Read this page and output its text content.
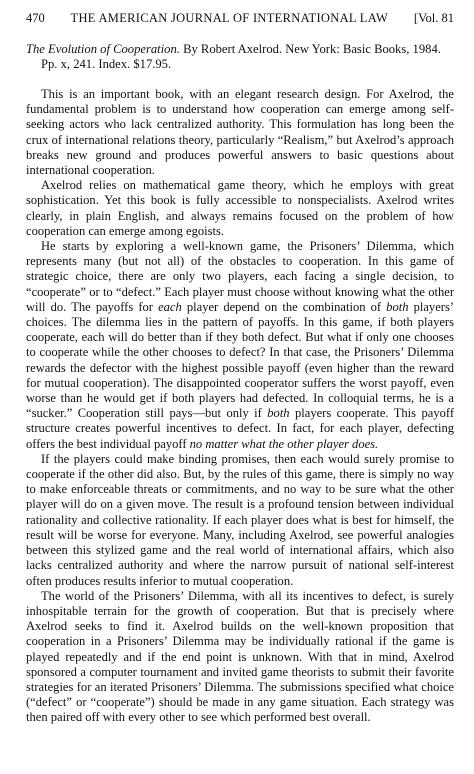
470 THE AMERICAN JOURNAL OF INTERNATIONAL LAW [Vol. 81

The Evolution of Cooperation. By Robert Axelrod. New York: Basic Books, 1984. Pp. x, 241. Index. $17.95.

This is an important book, with an elegant research design. For Axelrod, the fundamental problem is to understand how cooperation can emerge among self-seeking actors who lack centralized authority. This formulation has long been the crux of international relations theory, particularly “Realism,” but Axelrod’s approach breaks new ground and produces powerful answers to basic questions about international cooperation.

Axelrod relies on mathematical game theory, which he employs with great sophistication. Yet this book is fully accessible to nonspecialists. Axelrod writes clearly, in plain English, and always remains focused on the problem of how cooperation can emerge among egoists.

He starts by exploring a well-known game, the Prisoners’ Dilemma, which represents many (but not all) of the obstacles to cooperation. In this game of strategic choice, there are only two players, each facing a single decision, to “cooperate” or to “defect.” Each player must choose without knowing what the other will do. The payoffs for each player depend on the combination of both players’ choices. The dilemma lies in the pattern of payoffs. In this game, if both players cooperate, each will do better than if they both defect. But what if only one chooses to cooperate while the other chooses to defect? In that case, the Prisoners’ Dilemma rewards the defector with the highest possible payoff (even higher than the reward for mutual cooperation). The disappointed cooperator suffers the worst payoff, even worse than he would get if both players had defected. In colloquial terms, he is a “sucker.” Cooperation still pays—but only if both players cooperate. This payoff structure creates powerful incentives to defect. In fact, for each player, defecting offers the best individual payoff no matter what the other player does.

If the players could make binding promises, then each would surely promise to cooperate if the other did also. But, by the rules of this game, there is simply no way to make enforceable threats or commitments, and no way to be sure what the other player will do on a given move. The result is a profound tension between individual rationality and collective rationality. If each player does what is best for himself, the result will be worse for everyone. Many, including Axelrod, see powerful analogies between this stylized game and the real world of international affairs, which also lacks centralized authority and where the narrow pursuit of national self-interest often produces results inferior to mutual cooperation.

The world of the Prisoners’ Dilemma, with all its incentives to defect, is surely inhospitable terrain for the growth of cooperation. But that is precisely where Axelrod seeks to find it. Axelrod builds on the well-known proposition that cooperation in a Prisoners’ Dilemma may be individually rational if the game is played repeatedly and if the end point is unknown. With that in mind, Axelrod sponsored a computer tournament and invited game theorists to submit their favorite strategies for an iterated Prisoners’ Dilemma. The submissions specified what choice (“defect” or “cooperate”) should be made in any game situation. Each strategy was then paired off with every other to see which performed best overall.
